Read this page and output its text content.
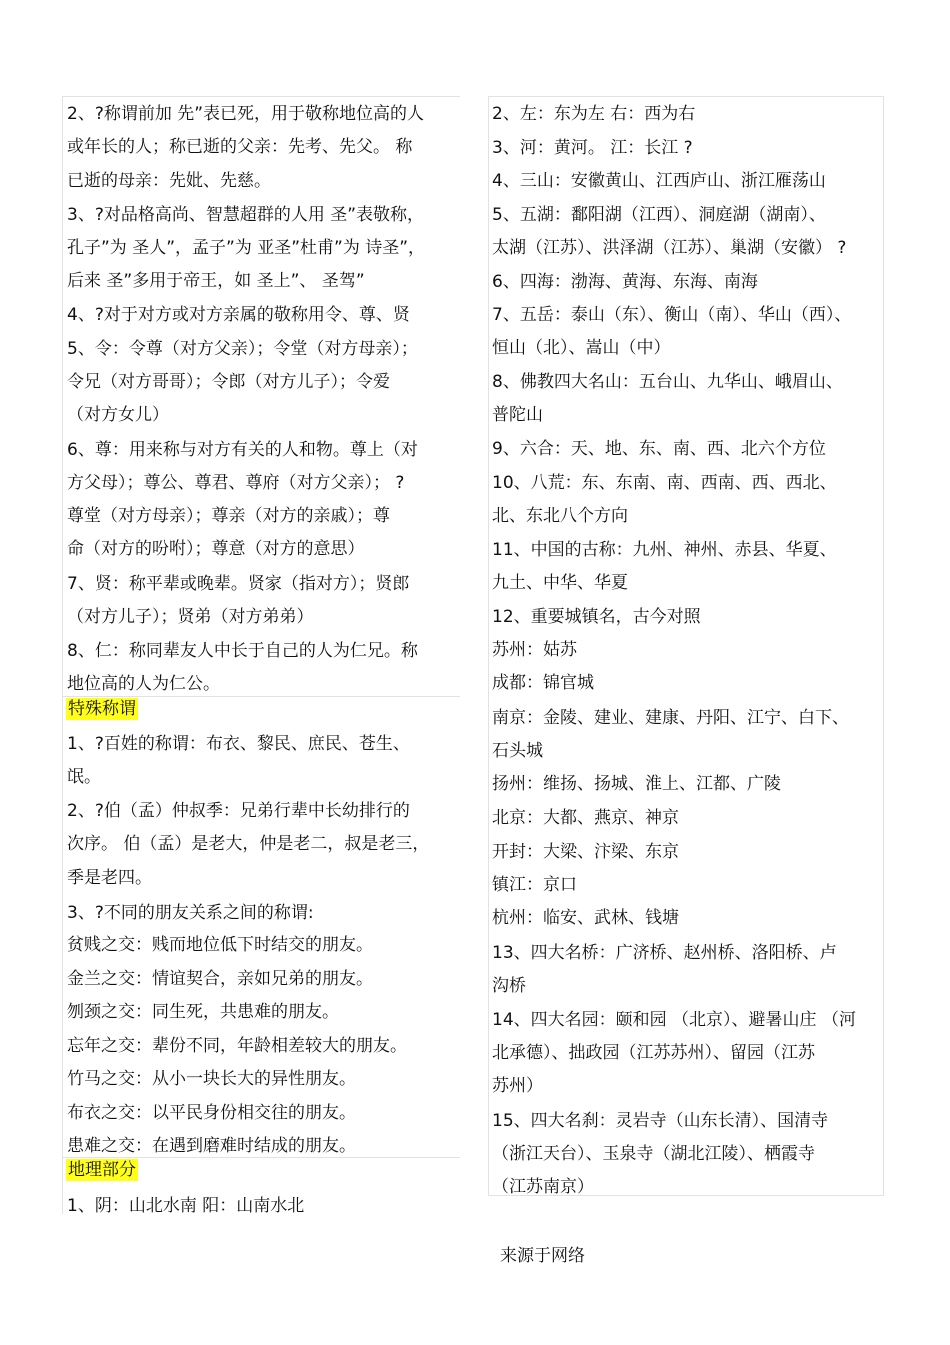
2、?称谓前加 先”表已死，用于敬称地位高的人
或年长的人；称已逝的父亲：先考、先父。 称
已逝的母亲：先妣、先慈。
3、?对品格高尚、智慧超群的人用 圣”表敬称，
孔子”为 圣人”，孟子”为 亚圣”杜甫”为 诗圣”，
后来 圣”多用于帝王，如 圣上”、 圣驾”
4、?对于对方或对方亲属的敬称用令、尊、贤
5、令：令尊（对方父亲）；令堂（对方母亲）；
令兄（对方哥哥）；令郎（对方儿子）；令爱
（对方女儿）
6、尊：用来称与对方有关的人和物。尊上（对
方父母）；尊公、尊君、尊府（对方父亲）； ?
尊堂（对方母亲）；尊亲（对方的亲戚）；尊
命（对方的吩咐）；尊意（对方的意思）
7、贤：称平辈或晚辈。贤家（指对方）；贤郎
（对方儿子）；贤弟（对方弟弟）
8、仁：称同辈友人中长于自己的人为仁兄。称
地位高的人为仁公。
特殊称谓
1、?百姓的称谓：布衣、黎民、庶民、苍生、
氓。
2、?伯（孟）仲叔季：兄弟行辈中长幼排行的
次序。 伯（孟）是老大，仲是老二，叔是老三，
季是老四。
3、?不同的朋友关系之间的称谓:
贫贱之交：贱而地位低下时结交的朋友。
金兰之交：情谊契合，亲如兄弟的朋友。
刎颈之交：同生死，共患难的朋友。
忘年之交：辈份不同，年龄相差较大的朋友。
竹马之交：从小一块长大的异性朋友。
布衣之交：以平民身份相交往的朋友。
患难之交：在遇到磨难时结成的朋友。
地理部分
1、阴：山北水南 阳：山南水北
2、左：东为左 右：西为右
3、河：黄河。 江：长江 ?
4、三山：安徽黄山、江西庐山、浙江雁荡山
5、五湖：鄱阳湖（江西）、洞庭湖（湖南）、
太湖（江苏）、洪泽湖（江苏）、巢湖（安徽） ?
6、四海：渤海、黄海、东海、南海
7、五岳：泰山（东）、衡山（南）、华山（西）、
恒山（北）、嵩山（中）
8、佛教四大名山：五台山、九华山、峨眉山、
普陀山
9、六合：天、地、东、南、西、北六个方位
10、八荒：东、东南、南、西南、西、西北、
北、东北八个方向
11、中国的古称：九州、神州、赤县、华夏、
九土、中华、华夏
12、重要城镇名，古今对照
苏州：姑苏
成都：锦官城
南京：金陵、建业、建康、丹阳、江宁、白下、
石头城
扬州：维扬、扬城、淮上、江都、广陵
北京：大都、燕京、神京
开封：大梁、汴梁、东京
镇江：京口
杭州：临安、武林、钱塘
13、四大名桥：广济桥、赵州桥、洛阳桥、卢
沟桥
14、四大名园：颐和园 （北京）、避暑山庄 （河
北承德）、拙政园（江苏苏州）、留园（江苏
苏州）
15、四大名刹：灵岩寺（山东长清）、国清寺
（浙江天台）、玉泉寺（湖北江陵）、栖霞寺
（江苏南京）
来源于网络
